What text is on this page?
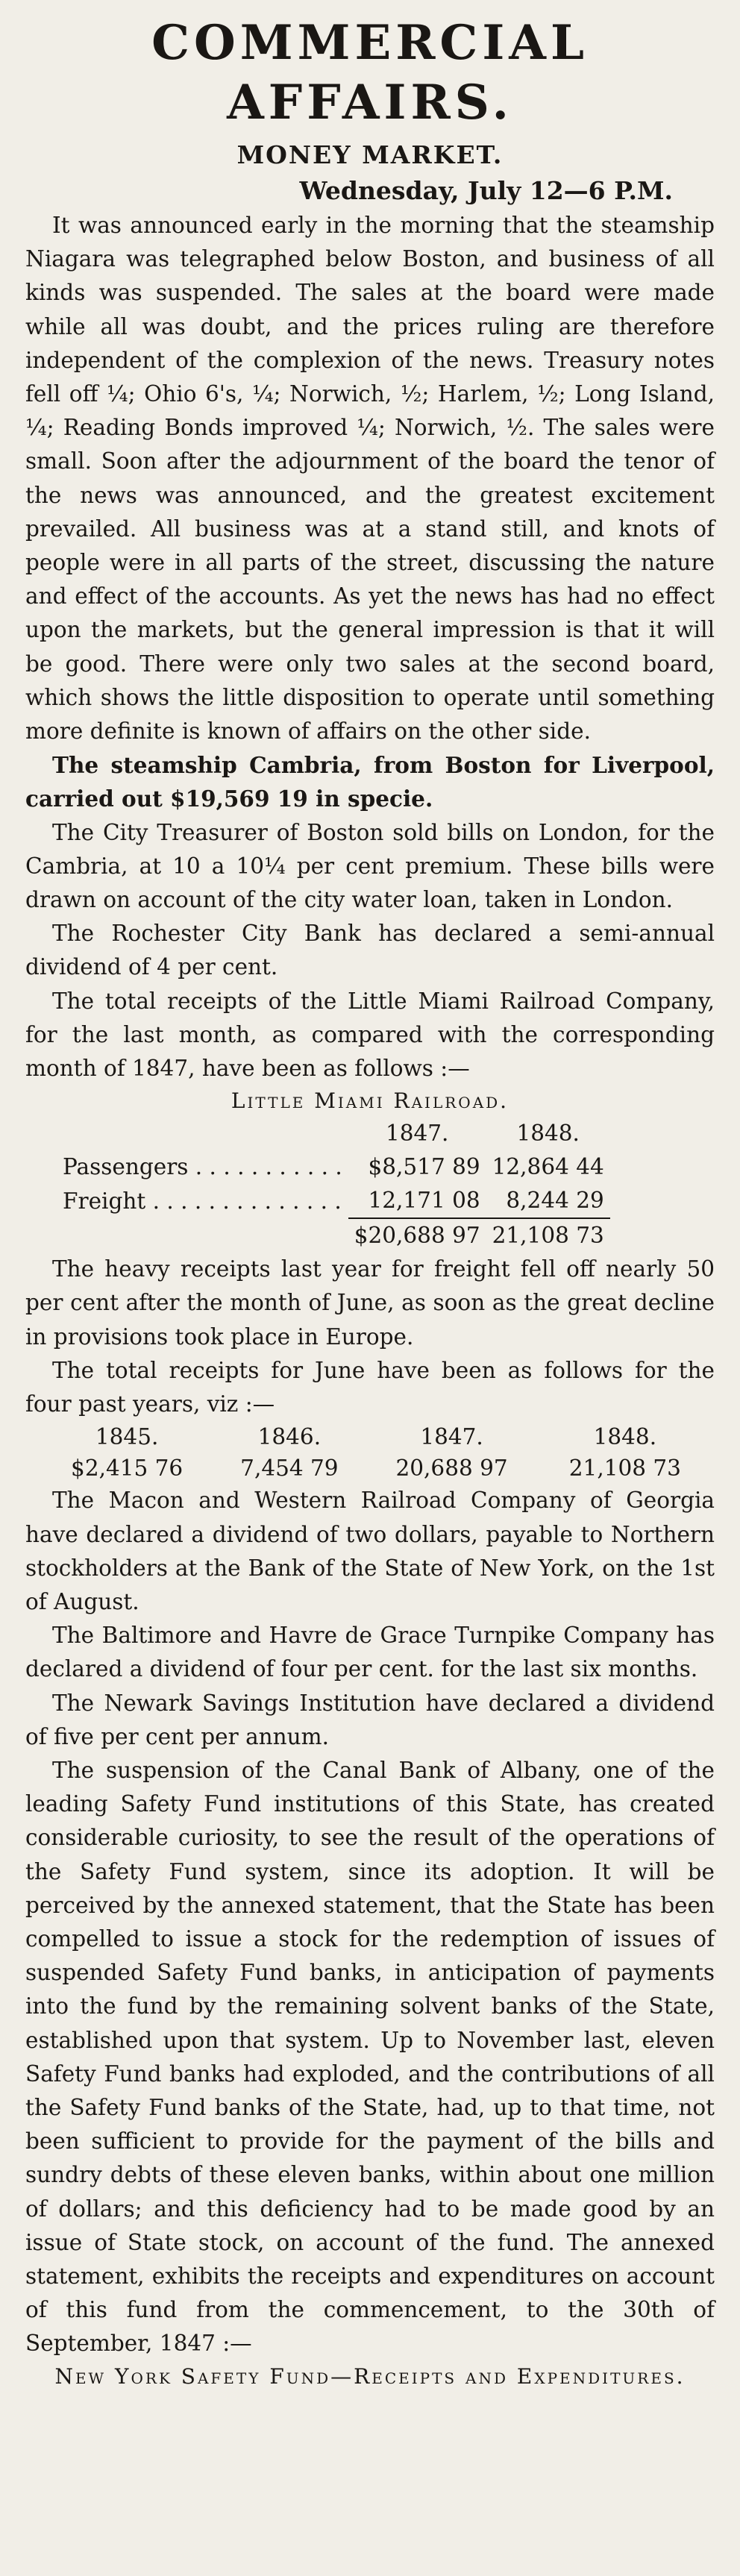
COMMERCIAL AFFAIRS.
MONEY MARKET.
Wednesday, July 12—6 P.M.

It was announced early in the morning that the steamship Niagara was telegraphed below Boston, and business of all kinds was suspended. The sales at the board were made while all was doubt, and the prices ruling are therefore independent of the complexion of the news. Treasury notes fell off ¼; Ohio 6's, ¼; Norwich, ½; Harlem, ½; Long Island, ¼; Reading Bonds improved ¼; Norwich, ½. The sales were small. Soon after the adjournment of the board the tenor of the news was announced, and the greatest excitement prevailed. All business was at a stand still, and knots of people were in all parts of the street, discussing the nature and effect of the accounts. As yet the news has had no effect upon the markets, but the general impression is that it will be good. There were only two sales at the second board, which shows the little disposition to operate until something more definite is known of affairs on the other side.

The steamship Cambria, from Boston for Liverpool, carried out $19,569 19 in specie.

The City Treasurer of Boston sold bills on London, for the Cambria, at 10 a 10¼ per cent premium. These bills were drawn on account of the city water loan, taken in London.

The Rochester City Bank has declared a semi-annual dividend of 4 per cent.

The total receipts of the Little Miami Railroad Company, for the last month, as compared with the corresponding month of 1847, have been as follows :—

Little Miami Railroad.
	1847.	1848.
Passengers . . . . . . . . . . .	$8,517 89	12,864 44
Freight . . . . . . . . . . . . . .	12,171 08	8,244 29
	$20,688 97	21,108 73

The heavy receipts last year for freight fell off nearly 50 per cent after the month of June, as soon as the great decline in provisions took place in Europe.

The total receipts for June have been as follows for the four past years, viz :—

1845.	1846.	1847.	1848.
$2,415 76	7,454 79	20,688 97	21,108 73

The Macon and Western Railroad Company of Georgia have declared a dividend of two dollars, payable to Northern stockholders at the Bank of the State of New York, on the 1st of August.

The Baltimore and Havre de Grace Turnpike Company has declared a dividend of four per cent. for the last six months.

The Newark Savings Institution have declared a dividend of five per cent per annum.

The suspension of the Canal Bank of Albany, one of the leading Safety Fund institutions of this State, has created considerable curiosity, to see the result of the operations of the Safety Fund system, since its adoption. It will be perceived by the annexed statement, that the State has been compelled to issue a stock for the redemption of issues of suspended Safety Fund banks, in anticipation of payments into the fund by the remaining solvent banks of the State, established upon that system. Up to November last, eleven Safety Fund banks had exploded, and the contributions of all the Safety Fund banks of the State, had, up to that time, not been sufficient to provide for the payment of the bills and sundry debts of these eleven banks, within about one million of dollars; and this deficiency had to be made good by an issue of State stock, on account of the fund. The annexed statement, exhibits the receipts and expenditures on account of this fund from the commencement, to the 30th of September, 1847 :—

New York Safety Fund—Receipts and Expenditures.
